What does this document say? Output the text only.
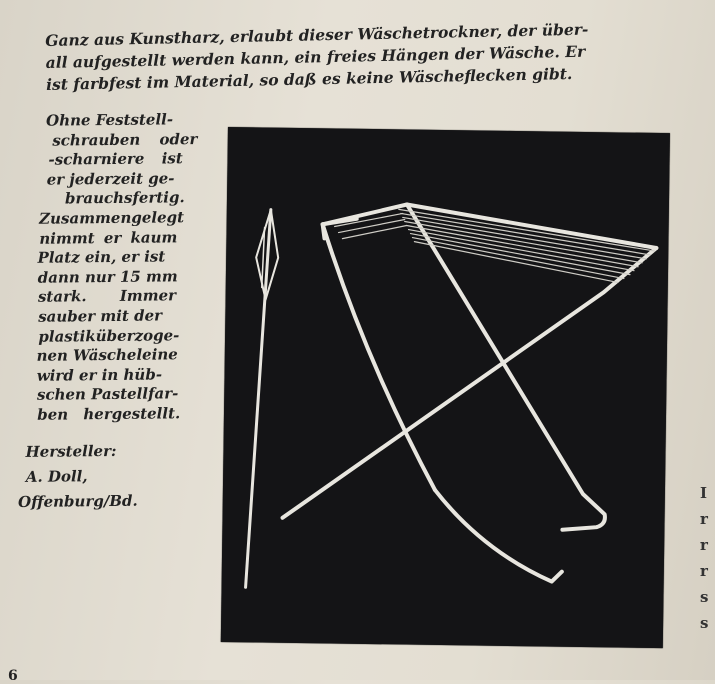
Ganz aus Kunstharz, erlaubt dieser Wäschetrockner, der über-
all aufgestellt werden kann, ein freies Hängen der Wäsche. Er
ist farbfest im Material, so daß es keine Wäscheflecken gibt.
Ohne Feststell-
schrauben oder
-scharniere ist
er jederzeit ge-
brauchsfertig.
Zusammengelegt
nimmt er kaum
Platz ein, er ist
dann nur 15 mm
stark. Immer
sauber mit der
plastiküberzoge-
nen Wäscheleine
wird er in hüb-
schen Pastellfar-
ben hergestellt.
Hersteller:
A. Doll,
Offenburg/Bd.	I
r
r
r
s
s
6
